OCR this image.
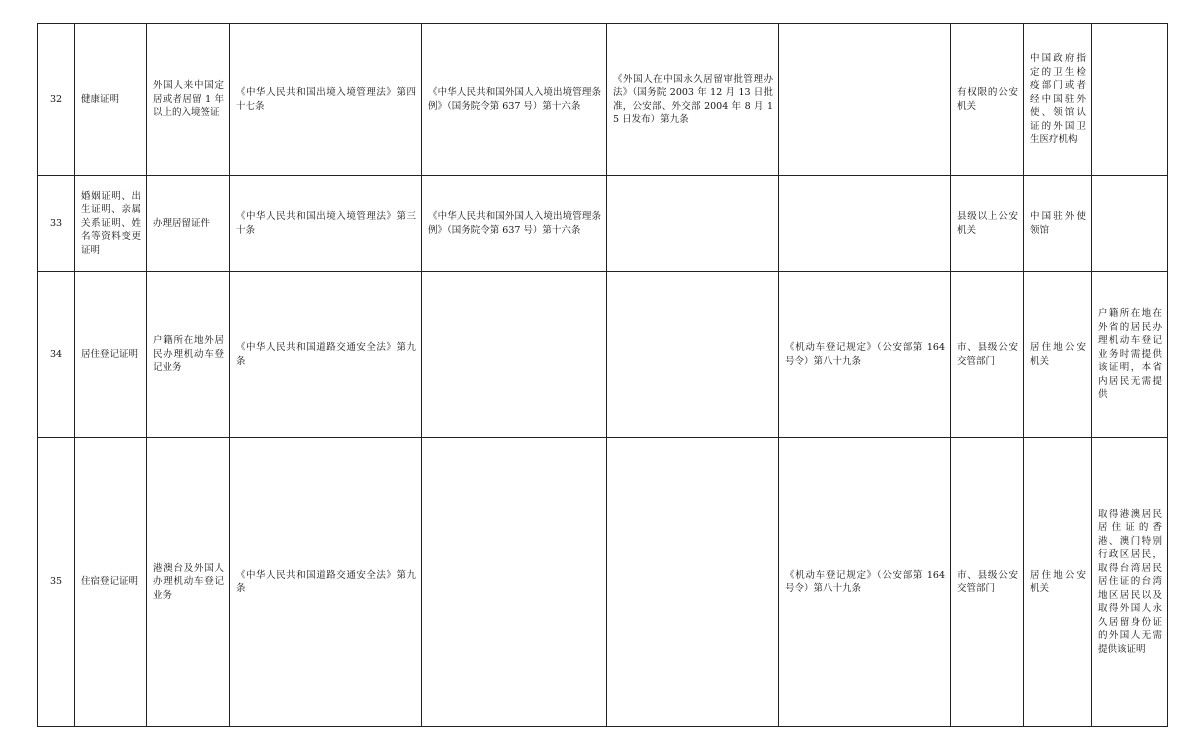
32	健康证明	外国人来中国定居或者居留 1 年以上的入境签证	《中华人民共和国出境入境管理法》第四十七条	《中华人民共和国外国人入境出境管理条例》（国务院令第 637 号）第十六条	《外国人在中国永久居留审批管理办法》（国务院 2003 年 12 月 13 日批准，公安部、外交部 2004 年 8 月 15 日发布）第九条		有权限的公安机关	中国政府指定的卫生检疫部门或者经中国驻外使、领馆认证的外国卫生医疗机构	
33	婚姻证明、出生证明、亲属关系证明、姓名等资料变更证明	办理居留证件	《中华人民共和国出境入境管理法》第三十条	《中华人民共和国外国人入境出境管理条例》（国务院令第 637 号）第十六条			县级以上公安机关	中国驻外使领馆	
34	居住登记证明	户籍所在地外居民办理机动车登记业务	《中华人民共和国道路交通安全法》第九条			《机动车登记规定》（公安部第 164 号令）第八十九条	市、县级公安交管部门	居住地公安机关	户籍所在地在外省的居民办理机动车登记业务时需提供该证明，本省内居民无需提供
35	住宿登记证明	港澳台及外国人办理机动车登记业务	《中华人民共和国道路交通安全法》第九条			《机动车登记规定》（公安部第 164 号令）第八十九条	市、县级公安交管部门	居住地公安机关	取得港澳居民居住证的香港、澳门特别行政区居民，取得台湾居民居住证的台湾地区居民以及取得外国人永久居留身份证的外国人无需提供该证明
